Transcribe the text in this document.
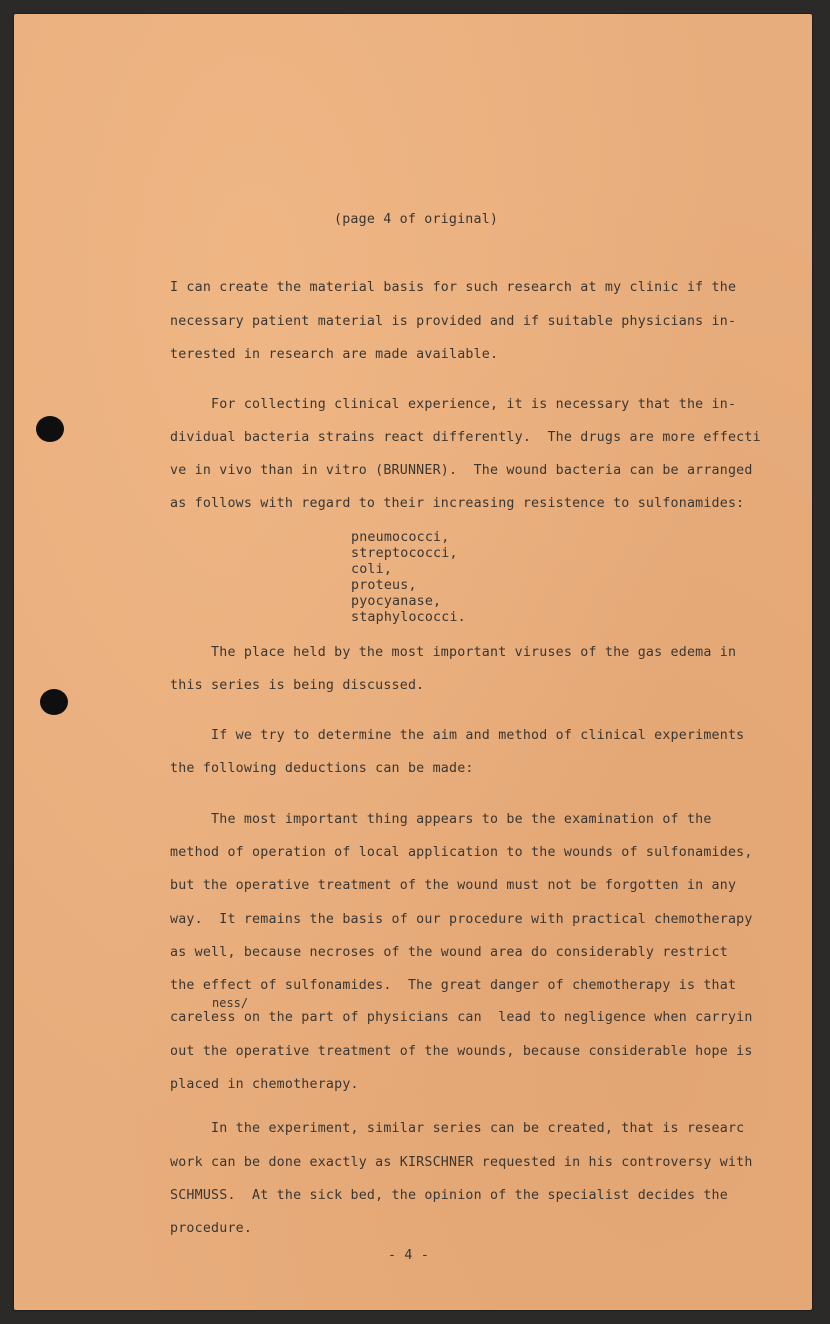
(page 4 of original)
I can create the material basis for such research at my clinic if the
necessary patient material is provided and if suitable physicians in-
terested in research are made available.
For collecting clinical experience, it is necessary that the in-
dividual bacteria strains react differently.  The drugs are more effecti
ve in vivo than in vitro (BRUNNER).  The wound bacteria can be arranged
as follows with regard to their increasing resistence to sulfonamides:
pneumococci,
streptococci,
coli,
proteus,
pyocyanase,
staphylococci.
The place held by the most important viruses of the gas edema in
this series is being discussed.
If we try to determine the aim and method of clinical experiments
the following deductions can be made:
The most important thing appears to be the examination of the
method of operation of local application to the wounds of sulfonamides,
but the operative treatment of the wound must not be forgotten in any
way.  It remains the basis of our procedure with practical chemotherapy
as well, because necroses of the wound area do considerably restrict
the effect of sulfonamides.  The great danger of chemotherapy is that
ness/
careless on the part of physicians can  lead to negligence when carryin
out the operative treatment of the wounds, because considerable hope is
placed in chemotherapy.
In the experiment, similar series can be created, that is researc
work can be done exactly as KIRSCHNER requested in his controversy with
SCHMUSS.  At the sick bed, the opinion of the specialist decides the
procedure.
- 4 -
